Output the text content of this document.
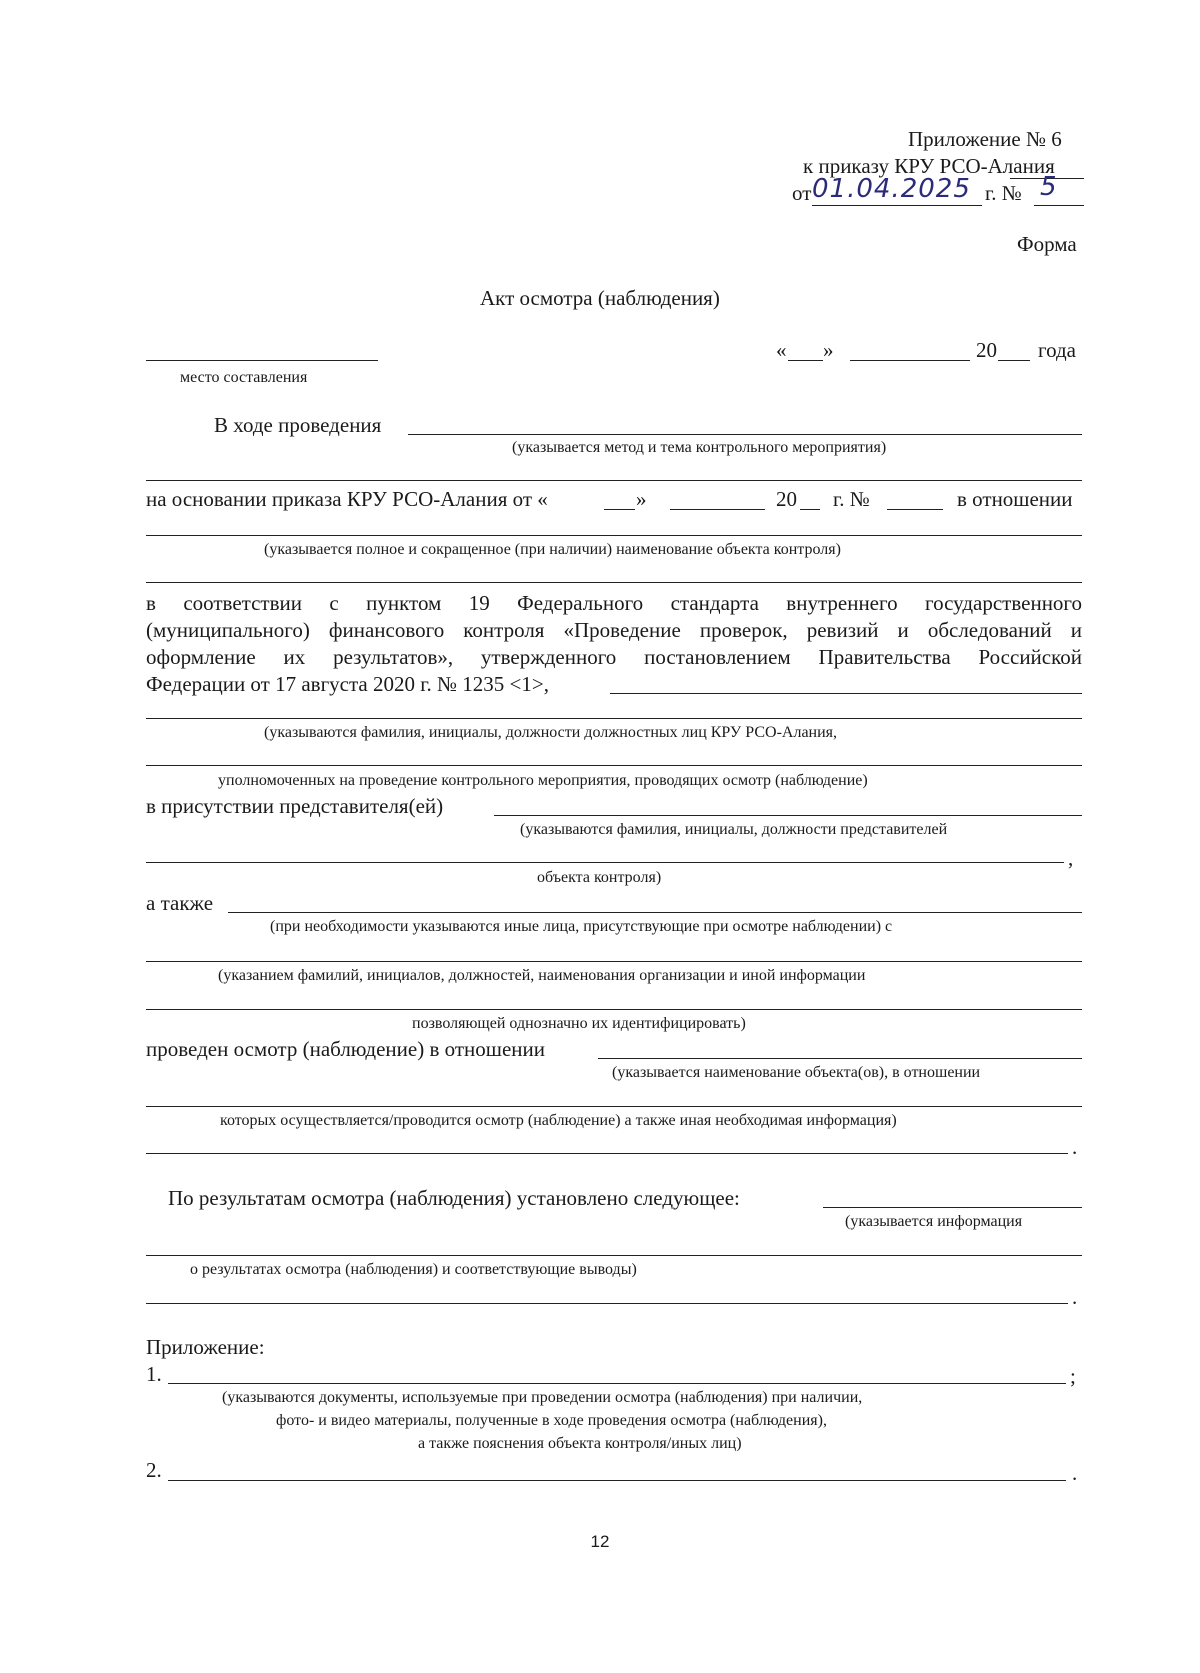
Приложение № 6
к приказу КРУ РСО-Алания
от 01.04.2025 г. № 5
Форма
Акт осмотра (наблюдения)
« »	20 года
место составления
В ходе проведения
(указывается метод и тема контрольного мероприятия)
на основании приказа КРУ РСО-Алания от «	»	20 г. №	в отношении
(указывается полное и сокращенное (при наличии) наименование объекта контроля)
в соответствии с пунктом 19 Федерального стандарта внутреннего государственного
(муниципального) финансового контроля «Проведение проверок, ревизий и обследований и
оформление их результатов», утвержденного постановлением Правительства Российской
Федерации от 17 августа 2020 г. № 1235 <1>,
(указываются фамилия, инициалы, должности должностных лиц КРУ РСО-Алания,
уполномоченных на проведение контрольного мероприятия, проводящих осмотр (наблюдение)
в присутствии представителя(ей)
(указываются фамилия, инициалы, должности представителей
,
объекта контроля)
а также
(при необходимости указываются иные лица, присутствующие при осмотре наблюдении) с
(указанием фамилий, инициалов, должностей, наименования организации и иной информации
позволяющей однозначно их идентифицировать)
проведен осмотр (наблюдение) в отношении
(указывается наименование объекта(ов), в отношении
которых осуществляется/проводится осмотр (наблюдение) а также иная необходимая информация)
.
По результатам осмотра (наблюдения) установлено следующее:
(указывается информация
о результатах осмотра (наблюдения) и соответствующие выводы)
.
Приложение:
1.	;
(указываются документы, используемые при проведении осмотра (наблюдения) при наличии,
фото- и видео материалы, полученные в ходе проведения осмотра (наблюдения),
а также пояснения объекта контроля/иных лиц)
2.	.
12
